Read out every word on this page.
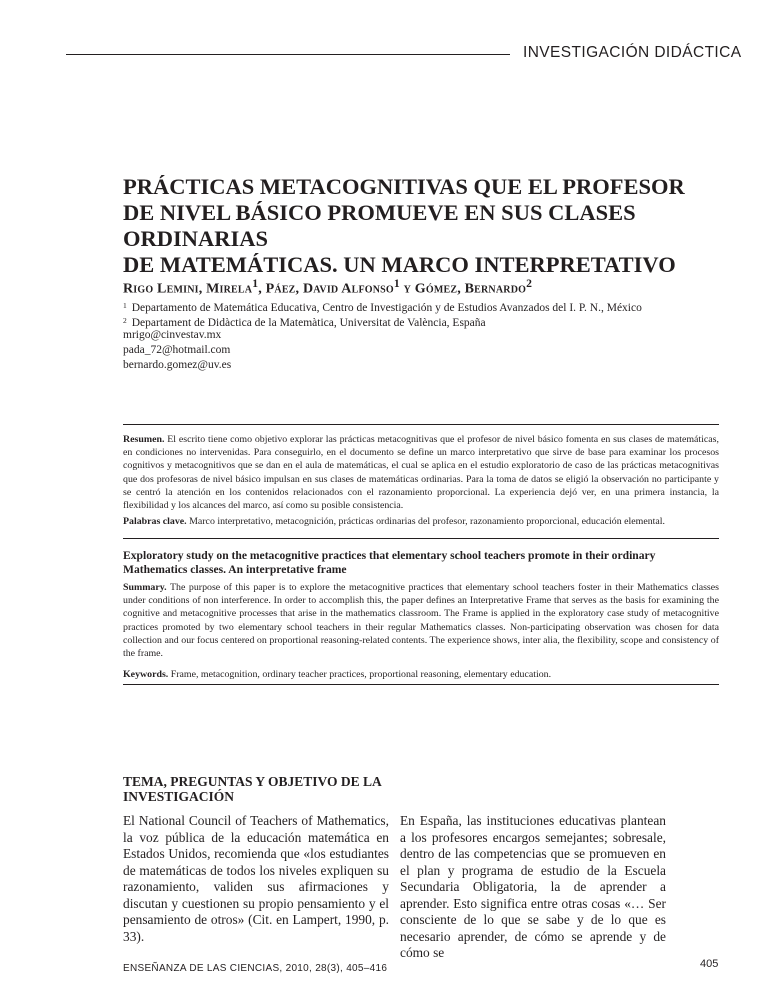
INVESTIGACIÓN DIDÁCTICA
PRÁCTICAS METACOGNITIVAS QUE EL PROFESOR
DE NIVEL BÁSICO PROMUEVE EN SUS CLASES ORDINARIAS
DE MATEMÁTICAS. UN MARCO INTERPRETATIVO
Rigo Lemini, Mirela$^1$, Páez, David Alfonso$^1$ y Gómez, Bernardo$^2$
$^1$ Departamento de Matemática Educativa, Centro de Investigación y de Estudios Avanzados del I. P. N., México
$^2$ Departament de Didàctica de la Matemàtica, Universitat de València, España
mrigo@cinvestav.mx
pada_72@hotmail.com
bernardo.gomez@uv.es

Resumen. El escrito tiene como objetivo explorar las prácticas metacognitivas que el profesor de nivel básico fomenta en sus clases de matemáticas, en condiciones no intervenidas. Para conseguirlo, en el documento se define un marco interpretativo que sirve de base para examinar los procesos cognitivos y metacognitivos que se dan en el aula de matemáticas, el cual se aplica en el estudio exploratorio de caso de las prácticas metacognitivas que dos profesoras de nivel básico impulsan en sus clases de matemáticas ordinarias. Para la toma de datos se eligió la observación no participante y se centró la atención en los contenidos relacionados con el razonamiento proporcional. La experiencia dejó ver, en una primera instancia, la flexibilidad y los alcances del marco, así como su posible consistencia.

Palabras clave. Marco interpretativo, metacognición, prácticas ordinarias del profesor, razonamiento proporcional, educación elemental.

Exploratory study on the metacognitive practices that elementary school teachers promote in their ordinary Mathematics classes. An interpretative frame

Summary. The purpose of this paper is to explore the metacognitive practices that elementary school teachers foster in their Mathematics classes under conditions of non interference. In order to accomplish this, the paper defines an Interpretative Frame that serves as the basis for examining the cognitive and metacognitive processes that arise in the mathematics classroom. The Frame is applied in the exploratory case study of metacognitive practices promoted by two elementary school teachers in their regular Mathematics classes. Non-participating observation was chosen for data collection and our focus centered on proportional reasoning-related contents. The experience shows, inter alia, the flexibility, scope and consistency of the frame.

Keywords. Frame, metacognition, ordinary teacher practices, proportional reasoning, elementary education.

TEMA, PREGUNTAS Y OBJETIVO DE LA INVESTIGACIÓN

El National Council of Teachers of Mathematics, la voz pública de la educación matemática en Estados Unidos, recomienda que «los estudiantes de matemáticas de todos los niveles expliquen su razonamiento, validen sus afirmaciones y discutan y cuestionen su propio pensamiento y el pensamiento de otros» (Cit. en Lampert, 1990, p. 33).

En España, las instituciones educativas plantean a los profesores encargos semejantes; sobresale, dentro de las competencias que se promueven en el plan y programa de estudio de la Escuela Secundaria Obligatoria, la de aprender a aprender. Esto significa entre otras cosas «… Ser consciente de lo que se sabe y de lo que es necesario aprender, de cómo se aprende y de cómo se

ENSEÑANZA DE LAS CIENCIAS, 2010, 28(3), 405–416	405
